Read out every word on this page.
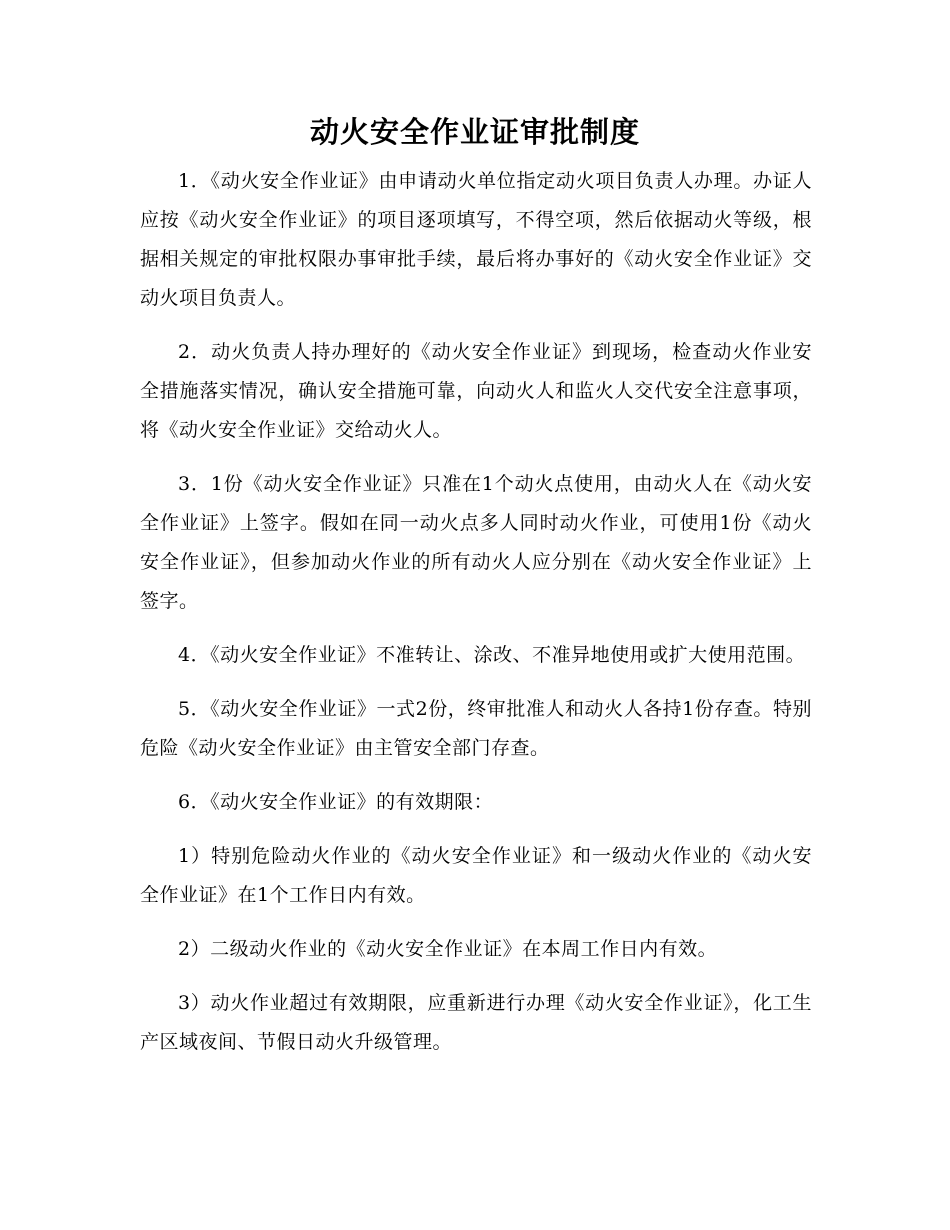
动火安全作业证审批制度

1．《动火安全作业证》由申请动火单位指定动火项目负责人办理。办证人应按《动火安全作业证》的项目逐项填写，不得空项，然后依据动火等级，根据相关规定的审批权限办事审批手续，最后将办事好的《动火安全作业证》交动火项目负责人。

2．动火负责人持办理好的《动火安全作业证》到现场，检查动火作业安全措施落实情况，确认安全措施可靠，向动火人和监火人交代安全注意事项，将《动火安全作业证》交给动火人。

3．1份《动火安全作业证》只准在1个动火点使用，由动火人在《动火安全作业证》上签字。假如在同一动火点多人同时动火作业，可使用1份《动火安全作业证》，但参加动火作业的所有动火人应分别在《动火安全作业证》上签字。

4．《动火安全作业证》不准转让、涂改、不准异地使用或扩大使用范围。

5．《动火安全作业证》一式2份，终审批准人和动火人各持1份存查。特别危险《动火安全作业证》由主管安全部门存查。

6．《动火安全作业证》的有效期限：

1）特别危险动火作业的《动火安全作业证》和一级动火作业的《动火安全作业证》在1个工作日内有效。

2）二级动火作业的《动火安全作业证》在本周工作日内有效。

3）动火作业超过有效期限，应重新进行办理《动火安全作业证》，化工生产区域夜间、节假日动火升级管理。
